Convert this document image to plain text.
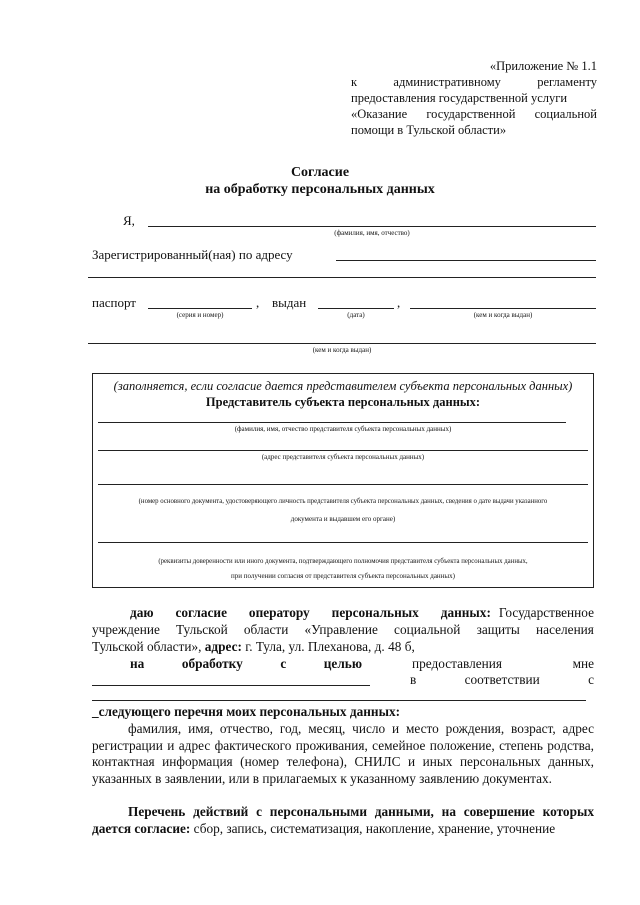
«Приложение № 1.1
к	административному	регламенту
предоставления государственной услуги
«Оказание государственной социальной
помощи в Тульской области»
Согласие
на обработку персональных данных
Я,
(фамилия, имя, отчество)
Зарегистрированный(ная) по адресу
паспорт
(серия и номер)
, выдан
(дата)
,
(кем и когда выдан)
(кем и когда выдан)
(заполняется, если согласие дается представителем субъекта персональных данных)
Представитель субъекта персональных данных:
(фамилия, имя, отчество представителя субъекта персональных данных)
(адрес представителя субъекта персональных данных)
(номер основного документа, удостоверяющего личность представителя субъекта персональных данных, сведения о дате выдачи указанного
документа и выдавшем его органе)
(реквизиты доверенности или иного документа, подтверждающего полномочия представителя субъекта персональных данных,
при получении согласия от представителя субъекта персональных данных)
даю согласие оператору персональных данных: Государственное
учреждение Тульской области «Управление социальной защиты населения
Тульской области», адрес: г. Тула, ул. Плеханова, д. 48 б,
на	обработку	с	целью	предоставления	мне
в	соответствии	с
_следующего перечня моих персональных данных:
фамилия, имя, отчество, год, месяц, число и место рождения, возраст, адрес регистрации и адрес фактического проживания, семейное положение, степень родства, контактная информация (номер телефона), СНИЛС и иных персональных данных, указанных в заявлении, или в прилагаемых к указанному заявлению документах.
Перечень действий с персональными данными, на совершение которых дается согласие: сбор, запись, систематизация, накопление, хранение, уточнение
